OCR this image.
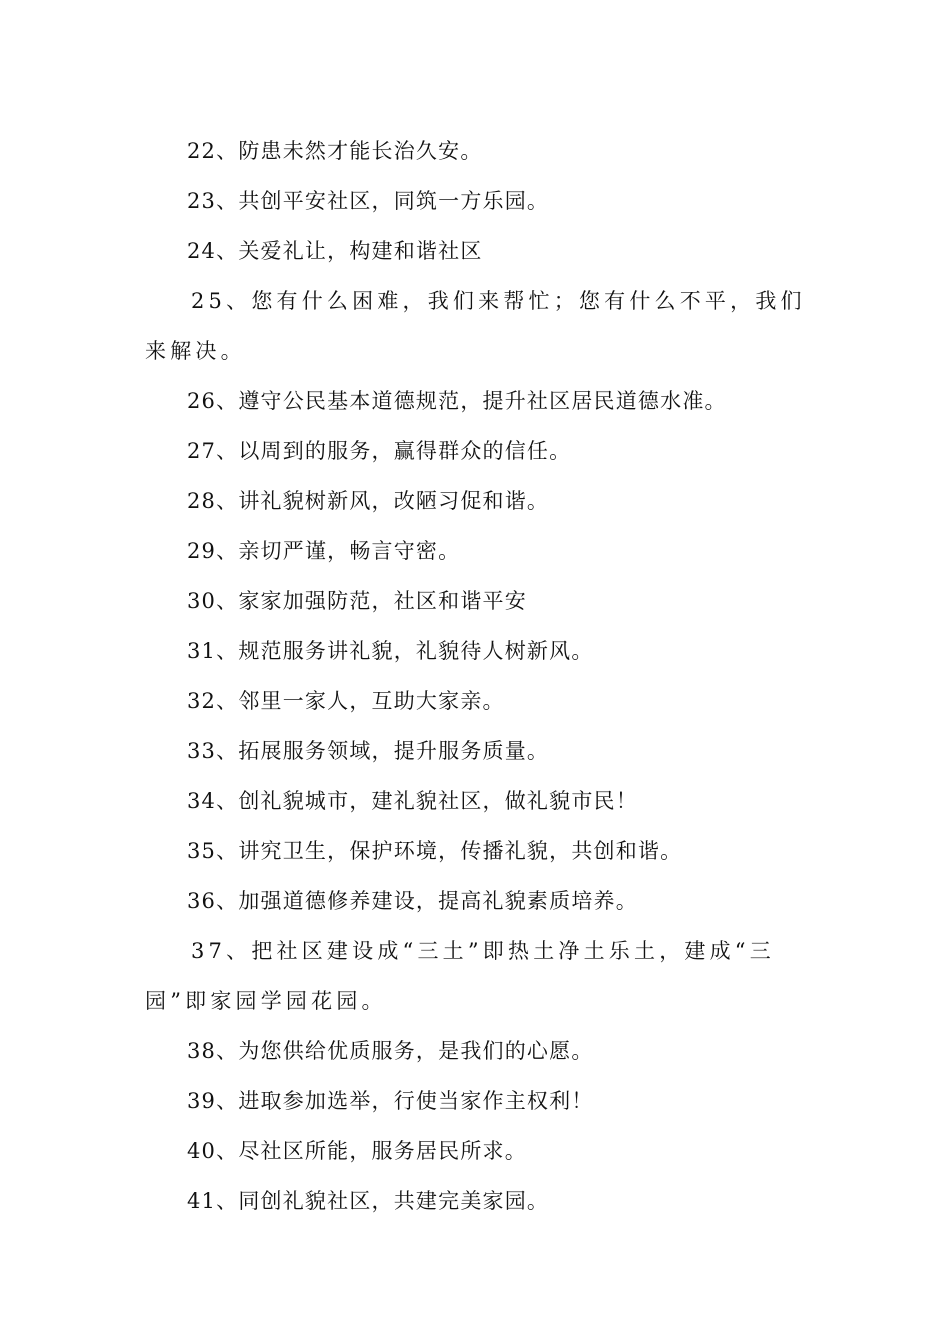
22、防患未然才能长治久安。

23、共创平安社区，同筑一方乐园。

24、关爱礼让，构建和谐社区

25、您有什么困难，我们来帮忙；您有什么不平，我们来解决。

26、遵守公民基本道德规范，提升社区居民道德水准。

27、以周到的服务，赢得群众的信任。

28、讲礼貌树新风，改陋习促和谐。

29、亲切严谨，畅言守密。

30、家家加强防范，社区和谐平安

31、规范服务讲礼貌，礼貌待人树新风。

32、邻里一家人，互助大家亲。

33、拓展服务领域，提升服务质量。

34、创礼貌城市，建礼貌社区，做礼貌市民！

35、讲究卫生，保护环境，传播礼貌，共创和谐。

36、加强道德修养建设，提高礼貌素质培养。

37、把社区建设成“三土”即热土净土乐土，建成“三园”即家园学园花园。

38、为您供给优质服务，是我们的心愿。

39、进取参加选举，行使当家作主权利！

40、尽社区所能，服务居民所求。

41、同创礼貌社区，共建完美家园。
